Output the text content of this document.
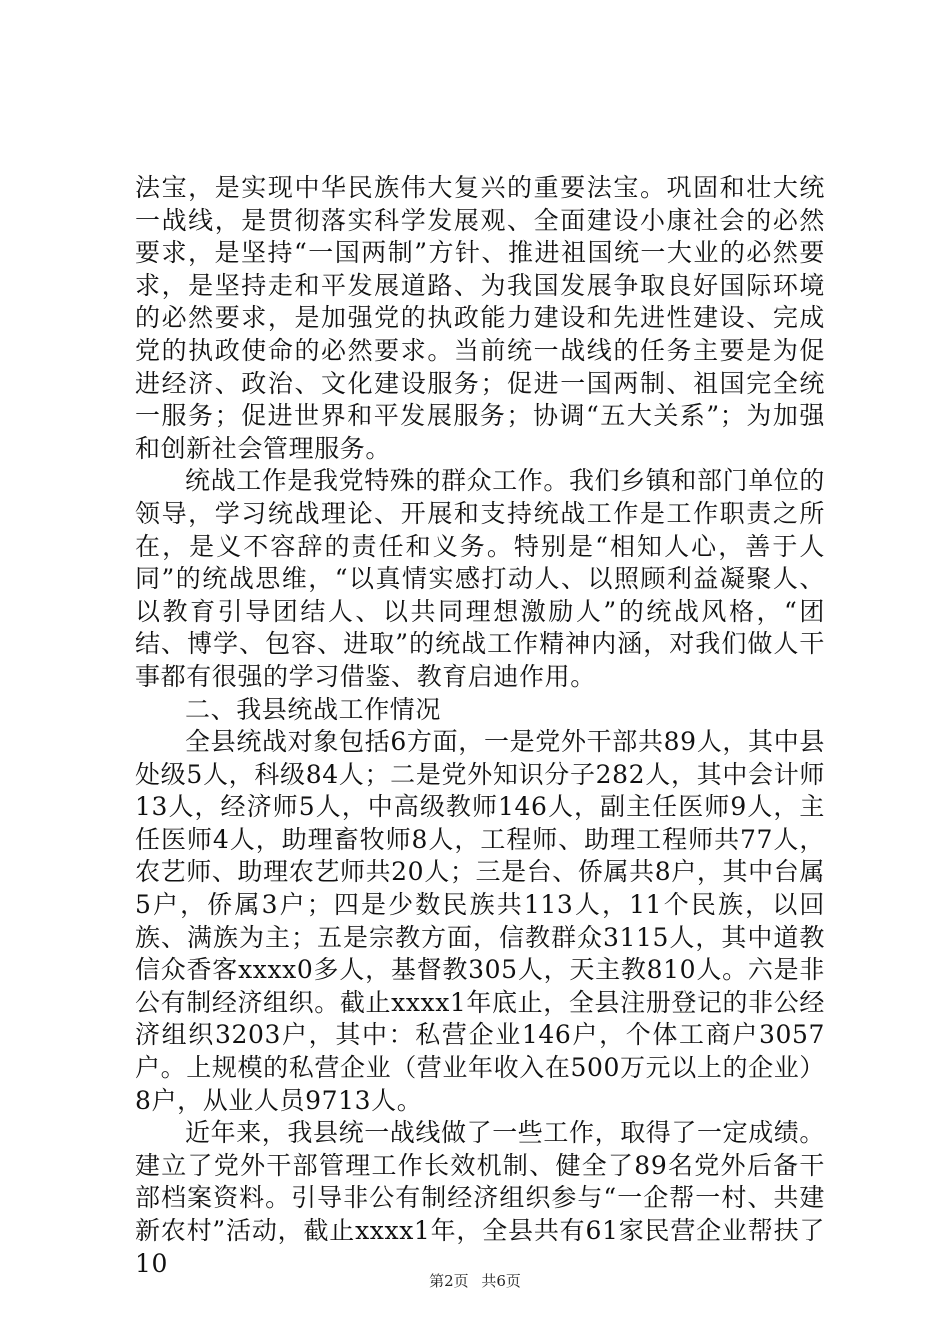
法宝，是实现中华民族伟大复兴的重要法宝。巩固和壮大统一战线，是贯彻落实科学发展观、全面建设小康社会的必然要求，是坚持“一国两制”方针、推进祖国统一大业的必然要求，是坚持走和平发展道路、为我国发展争取良好国际环境的必然要求，是加强党的执政能力建设和先进性建设、完成党的执政使命的必然要求。当前统一战线的任务主要是为促进经济、政治、文化建设服务；促进一国两制、祖国完全统一服务；促进世界和平发展服务；协调“五大关系”；为加强和创新社会管理服务。

统战工作是我党特殊的群众工作。我们乡镇和部门单位的领导，学习统战理论、开展和支持统战工作是工作职责之所在，是义不容辞的责任和义务。特别是“相知人心，善于人同”的统战思维，“以真情实感打动人、以照顾利益凝聚人、以教育引导团结人、以共同理想激励人”的统战风格，“团结、博学、包容、进取”的统战工作精神内涵，对我们做人干事都有很强的学习借鉴、教育启迪作用。

二、我县统战工作情况

全县统战对象包括6方面，一是党外干部共89人，其中县处级5人，科级84人；二是党外知识分子282人，其中会计师13人，经济师5人，中高级教师146人，副主任医师9人，主任医师4人，助理畜牧师8人，工程师、助理工程师共77人，农艺师、助理农艺师共20人；三是台、侨属共8户，其中台属5户，侨属3户；四是少数民族共113人，11个民族，以回族、满族为主；五是宗教方面，信教群众3115人，其中道教信众香客xxxx0多人，基督教305人，天主教810人。六是非公有制经济组织。截止xxxx1年底止，全县注册登记的非公经济组织3203户，其中：私营企业146户，个体工商户3057户。上规模的私营企业（营业年收入在500万元以上的企业）8户，从业人员9713人。

近年来，我县统一战线做了一些工作，取得了一定成绩。建立了党外干部管理工作长效机制、健全了89名党外后备干部档案资料。引导非公有制经济组织参与“一企帮一村、共建新农村”活动，截止xxxx1年，全县共有61家民营企业帮扶了10

第2页 共6页
